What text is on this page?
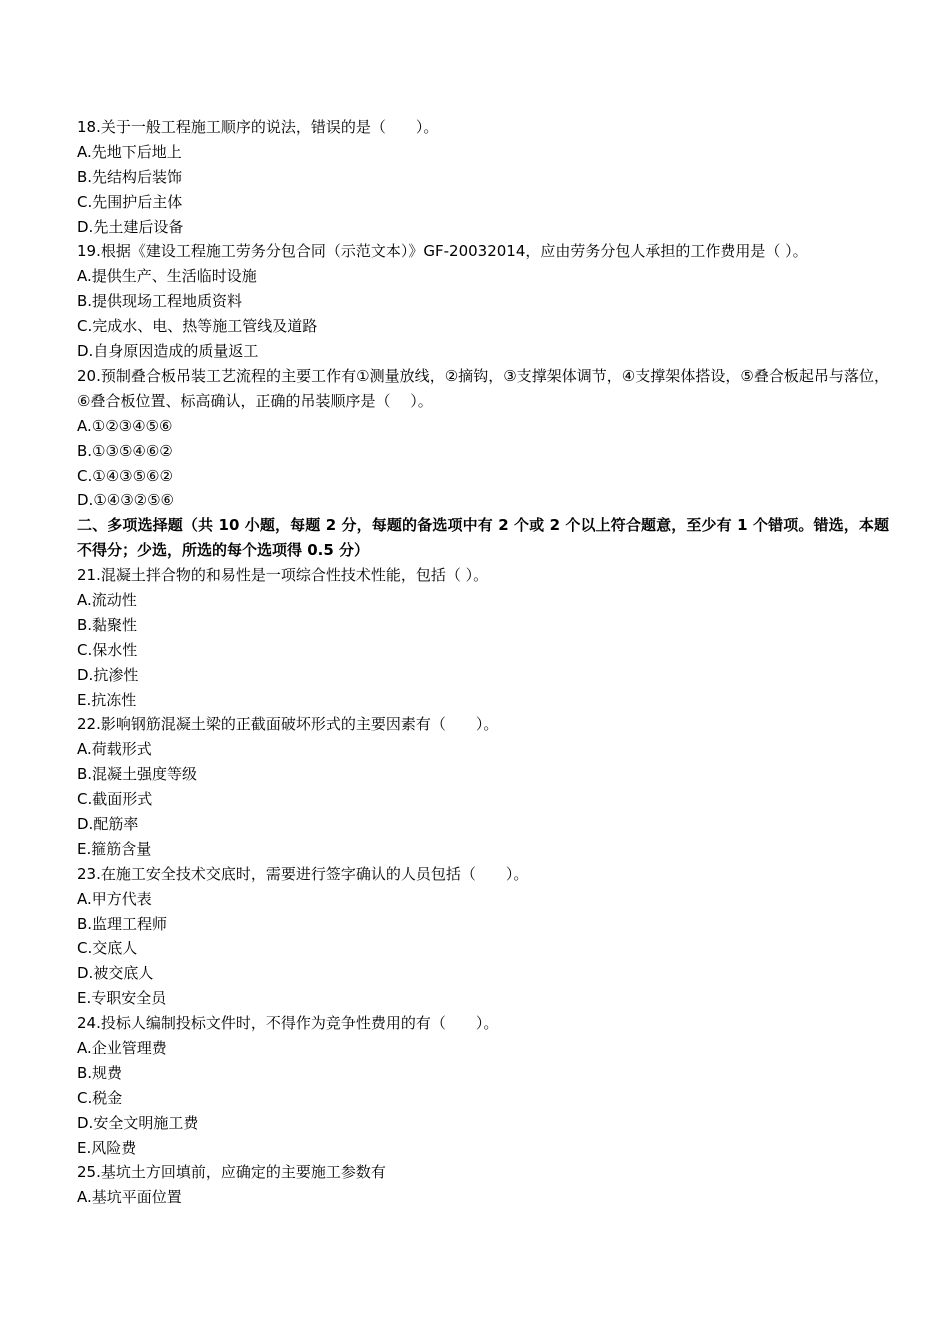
18.关于一般工程施工顺序的说法，错误的是（　　）。
A.先地下后地上
B.先结构后装饰
C.先围护后主体
D.先土建后设备
19.根据《建设工程施工劳务分包合同（示范文本）》GF-20032014，应由劳务分包人承担的工作费用是（ ）。
A.提供生产、生活临时设施
B.提供现场工程地质资料
C.完成水、电、热等施工管线及道路
D.自身原因造成的质量返工
20.预制叠合板吊装工艺流程的主要工作有①测量放线，②摘钩，③支撑架体调节，④支撑架体搭设，⑤叠合板起吊与落位，⑥叠合板位置、标高确认，正确的吊装顺序是（　 ）。
A.①②③④⑤⑥
B.①③⑤④⑥②
C.①④③⑤⑥②
D.①④③②⑤⑥
二、多项选择题（共 10 小题，每题 2 分，每题的备选项中有 2 个或 2 个以上符合题意，至少有 1 个错项。错选，本题不得分；少选，所选的每个选项得 0.5 分）
21.混凝土拌合物的和易性是一项综合性技术性能，包括（ ）。
A.流动性
B.黏聚性
C.保水性
D.抗渗性
E.抗冻性
22.影响钢筋混凝土梁的正截面破坏形式的主要因素有（　　）。
A.荷载形式
B.混凝土强度等级
C.截面形式
D.配筋率
E.箍筋含量
23.在施工安全技术交底时，需要进行签字确认的人员包括（　　）。
A.甲方代表
B.监理工程师
C.交底人
D.被交底人
E.专职安全员
24.投标人编制投标文件时，不得作为竞争性费用的有（　　）。
A.企业管理费
B.规费
C.税金
D.安全文明施工费
E.风险费
25.基坑土方回填前，应确定的主要施工参数有
A.基坑平面位置
